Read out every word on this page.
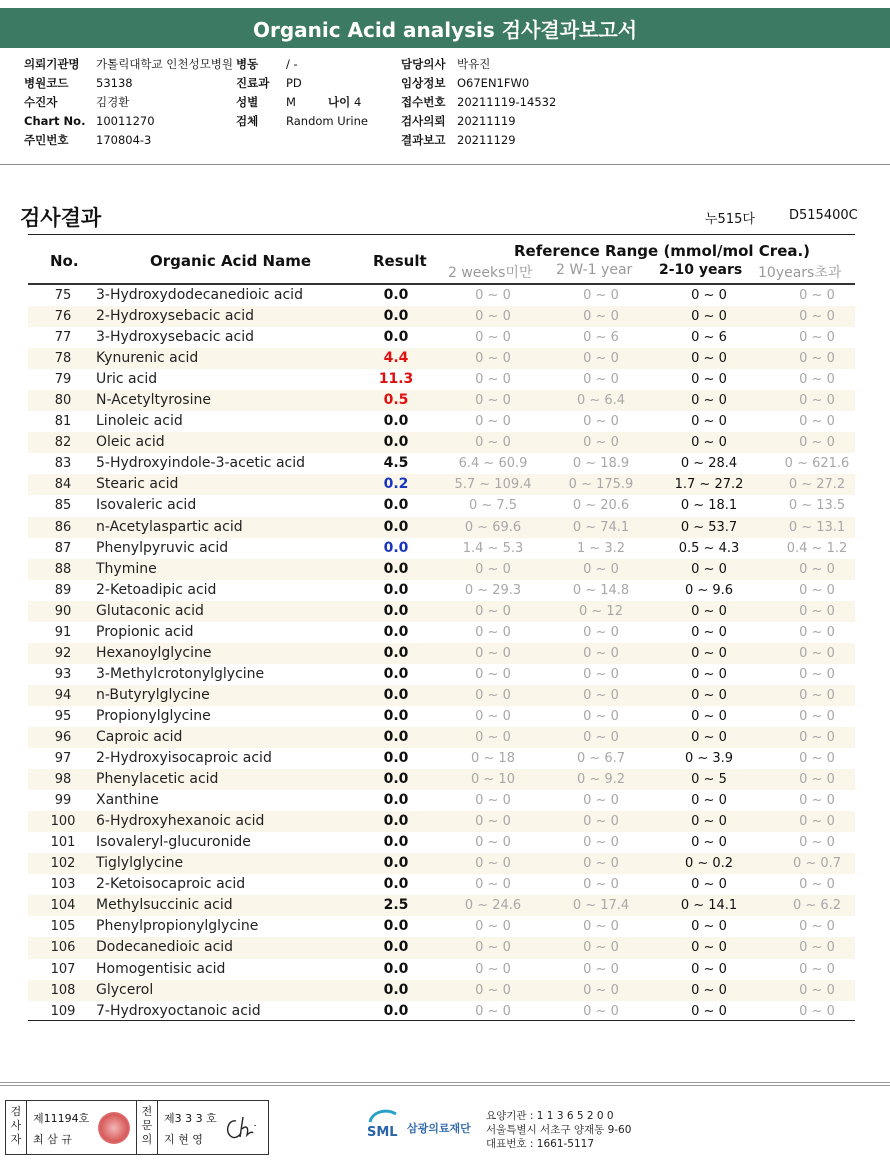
Organic Acid analysis 검사결과보고서
의뢰기관명 가톨릭대학교 인천성모병원
병원코드 53138
수진자	김경환
Chart No. 10011270
주민번호 170804-3
병동 / -
진료과 PD
성별 M	나이 4
검체 Random Urine
담당의사 박유진
임상정보 O67EN1FW0
접수번호 20211119-14532
검사의뢰 20211119
결과보고 20211129
검사결과	누515다	D515400C
No.	Organic Acid Name	Result
Reference Range (mmol/mol Crea.)
2 weeks미만 2 W-1 year 2-10 years 10years초과
75	3-Hydroxydodecanedioic acid	0.0	0 ~ 0	0 ~ 0	0 ~ 0	0 ~ 0
76	2-Hydroxysebacic acid	0.0	0 ~ 0	0 ~ 0	0 ~ 0	0 ~ 0
77	3-Hydroxysebacic acid	0.0	0 ~ 0	0 ~ 6	0 ~ 6	0 ~ 0
78	Kynurenic acid	4.4	0 ~ 0	0 ~ 0	0 ~ 0	0 ~ 0
79	Uric acid	11.3	0 ~ 0	0 ~ 0	0 ~ 0	0 ~ 0
80	N-Acetyltyrosine	0.5	0 ~ 0	0 ~ 6.4	0 ~ 0	0 ~ 0
81	Linoleic acid	0.0	0 ~ 0	0 ~ 0	0 ~ 0	0 ~ 0
82	Oleic acid	0.0	0 ~ 0	0 ~ 0	0 ~ 0	0 ~ 0
83	5-Hydroxyindole-3-acetic acid	4.5	6.4 ~ 60.9	0 ~ 18.9	0 ~ 28.4	0 ~ 621.6
84	Stearic acid	0.2	5.7 ~ 109.4	0 ~ 175.9	1.7 ~ 27.2	0 ~ 27.2
85	Isovaleric acid	0.0	0 ~ 7.5	0 ~ 20.6	0 ~ 18.1	0 ~ 13.5
86	n-Acetylaspartic acid	0.0	0 ~ 69.6	0 ~ 74.1	0 ~ 53.7	0 ~ 13.1
87	Phenylpyruvic acid	0.0	1.4 ~ 5.3	1 ~ 3.2	0.5 ~ 4.3	0.4 ~ 1.2
88	Thymine	0.0	0 ~ 0	0 ~ 0	0 ~ 0	0 ~ 0
89	2-Ketoadipic acid	0.0	0 ~ 29.3	0 ~ 14.8	0 ~ 9.6	0 ~ 0
90	Glutaconic acid	0.0	0 ~ 0	0 ~ 12	0 ~ 0	0 ~ 0
91	Propionic acid	0.0	0 ~ 0	0 ~ 0	0 ~ 0	0 ~ 0
92	Hexanoylglycine	0.0	0 ~ 0	0 ~ 0	0 ~ 0	0 ~ 0
93	3-Methylcrotonylglycine	0.0	0 ~ 0	0 ~ 0	0 ~ 0	0 ~ 0
94	n-Butyrylglycine	0.0	0 ~ 0	0 ~ 0	0 ~ 0	0 ~ 0
95	Propionylglycine	0.0	0 ~ 0	0 ~ 0	0 ~ 0	0 ~ 0
96	Caproic acid	0.0	0 ~ 0	0 ~ 0	0 ~ 0	0 ~ 0
97	2-Hydroxyisocaproic acid	0.0	0 ~ 18	0 ~ 6.7	0 ~ 3.9	0 ~ 0
98	Phenylacetic acid	0.0	0 ~ 10	0 ~ 9.2	0 ~ 5	0 ~ 0
99	Xanthine	0.0	0 ~ 0	0 ~ 0	0 ~ 0	0 ~ 0
100	6-Hydroxyhexanoic acid	0.0	0 ~ 0	0 ~ 0	0 ~ 0	0 ~ 0
101	Isovaleryl-glucuronide	0.0	0 ~ 0	0 ~ 0	0 ~ 0	0 ~ 0
102	Tiglylglycine	0.0	0 ~ 0	0 ~ 0	0 ~ 0.2	0 ~ 0.7
103	2-Ketoisocaproic acid	0.0	0 ~ 0	0 ~ 0	0 ~ 0	0 ~ 0
104	Methylsuccinic acid	2.5	0 ~ 24.6	0 ~ 17.4	0 ~ 14.1	0 ~ 6.2
105	Phenylpropionylglycine	0.0	0 ~ 0	0 ~ 0	0 ~ 0	0 ~ 0
106	Dodecanedioic acid	0.0	0 ~ 0	0 ~ 0	0 ~ 0	0 ~ 0
107	Homogentisic acid	0.0	0 ~ 0	0 ~ 0	0 ~ 0	0 ~ 0
108	Glycerol	0.0	0 ~ 0	0 ~ 0	0 ~ 0	0 ~ 0
109	7-Hydroxyoctanoic acid	0.0	0 ~ 0	0 ~ 0	0 ~ 0	0 ~ 0
검
사
자
제11194호
최 삼 규
전
문
의
제3 3 3 호
지 현 영	SML 삼광의료재단
요양기관 : 1 1 3 6 5 2 0 0
서울특별시 서초구 양재동 9-60
대표번호 : 1661-5117
